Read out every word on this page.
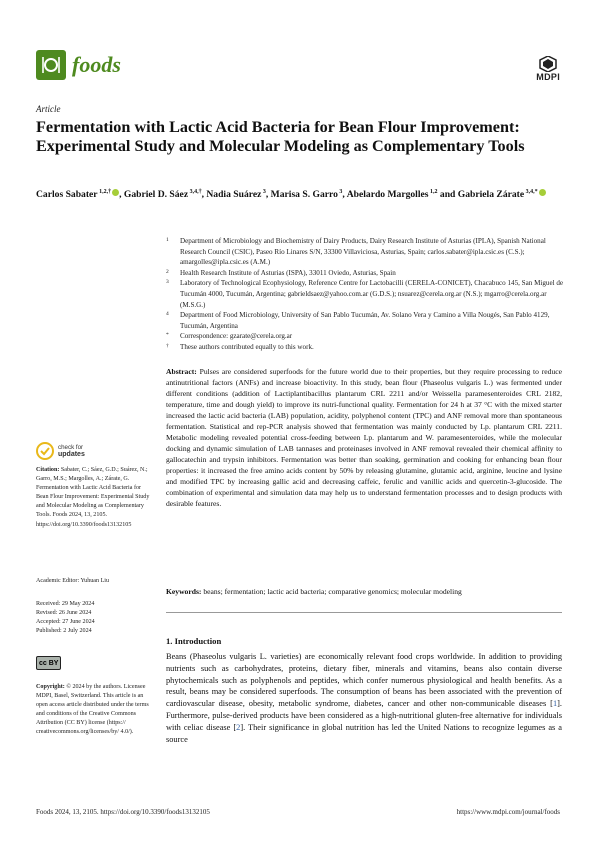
foods	MDPI
Article
Fermentation with Lactic Acid Bacteria for Bean Flour Improvement: Experimental Study and Molecular Modeling as Complementary Tools
Carlos Sabater $^{1,2,\dagger}$ , Gabriel D. Sáez $^{3,4,\dagger}$, Nadia Suárez $^3$, Marisa S. Garro $^3$, Abelardo Margolles $^{1,2}$ and Gabriela Zárate $^{3,4,*}$
1 Department of Microbiology and Biochemistry of Dairy Products, Dairy Research Institute of Asturias (IPLA), Spanish National Research Council (CSIC), Paseo Río Linares S/N, 33300 Villaviciosa, Asturias, Spain; carlos.sabater@ipla.csic.es (C.S.); amargolles@ipla.csic.es (A.M.)
2 Health Research Institute of Asturias (ISPA), 33011 Oviedo, Asturias, Spain
3 Laboratory of Technological Ecophysiology, Reference Centre for Lactobacilli (CERELA-CONICET), Chacabuco 145, San Miguel de Tucumán 4000, Tucumán, Argentina; gabrieldsaez@yahoo.com.ar (G.D.S.); nsuarez@cerela.org.ar (N.S.); mgarro@cerela.org.ar (M.S.G.)
4 Department of Food Microbiology, University of San Pablo Tucumán, Av. Solano Vera y Camino a Villa Nougés, San Pablo 4129, Tucumán, Argentina
* Correspondence: gzarate@cerela.org.ar
† These authors contributed equally to this work.
Abstract: Pulses are considered superfoods for the future world due to their properties, but they require processing to reduce antinutritional factors (ANFs) and increase bioactivity. In this study, bean flour (Phaseolus vulgaris L.) was fermented under different conditions (addition of Lactiplantibacillus plantarum CRL 2211 and/or Weissella paramesenteroides CRL 2182, temperature, time and dough yield) to improve its nutri-functional quality. Fermentation for 24 h at 37 °C with the mixed starter increased the lactic acid bacteria (LAB) population, acidity, polyphenol content (TPC) and ANF removal more than spontaneous fermentation. Statistical and rep-PCR analysis showed that fermentation was mainly conducted by Lp. plantarum CRL 2211. Metabolic modeling revealed potential cross-feeding between Lp. plantarum and W. paramesenteroides, while the molecular docking and dynamic simulation of LAB tannases and proteinases involved in ANF removal revealed their chemical affinity to gallocatechin and trypsin inhibitors. Fermentation was better than soaking, germination and cooking for enhancing bean flour properties: it increased the free amino acids content by 50% by releasing glutamine, glutamic acid, arginine, leucine and lysine and modified TPC by increasing gallic acid and decreasing caffeic, ferulic and vanillic acids and quercetin-3-glucoside. The combination of experimental and simulation data may help us to understand fermentation processes and to design products with desirable features.
Keywords: beans; fermentation; lactic acid bacteria; comparative genomics; molecular modeling
check for
updates
Citation: Sabater, C.; Sáez, G.D.; Suárez, N.; Garro, M.S.; Margolles, A.; Zárate, G. Fermentation with Lactic Acid Bacteria for Bean Flour Improvement: Experimental Study and Molecular Modeling as Complementary Tools. Foods 2024, 13, 2105. https://doi.org/10.3390/foods13132105
Academic Editor: Yuhuan Liu
Received: 29 May 2024
Revised: 26 June 2024
Accepted: 27 June 2024
Published: 2 July 2024
cc BY
Copyright: © 2024 by the authors. Licensee MDPI, Basel, Switzerland. This article is an open access article distributed under the terms and conditions of the Creative Commons Attribution (CC BY) license (https:// creativecommons.org/licenses/by/ 4.0/).
1. Introduction
Beans (Phaseolus vulgaris L. varieties) are economically relevant food crops worldwide. In addition to providing nutrients such as carbohydrates, proteins, dietary fiber, minerals and vitamins, beans also contain diverse phytochemicals such as polyphenols and peptides, which confer numerous physiological and health benefits. As a result, beans may be considered superfoods. The consumption of beans has been associated with the prevention of cardiovascular disease, obesity, metabolic syndrome, diabetes, cancer and other non-communicable diseases [1]. Furthermore, pulse-derived products have been considered as a high-nutritional gluten-free alternative for individuals with celiac disease [2]. Their significance in global nutrition has led the United Nations to recognize legumes as a source
Foods 2024, 13, 2105. https://doi.org/10.3390/foods13132105	https://www.mdpi.com/journal/foods
